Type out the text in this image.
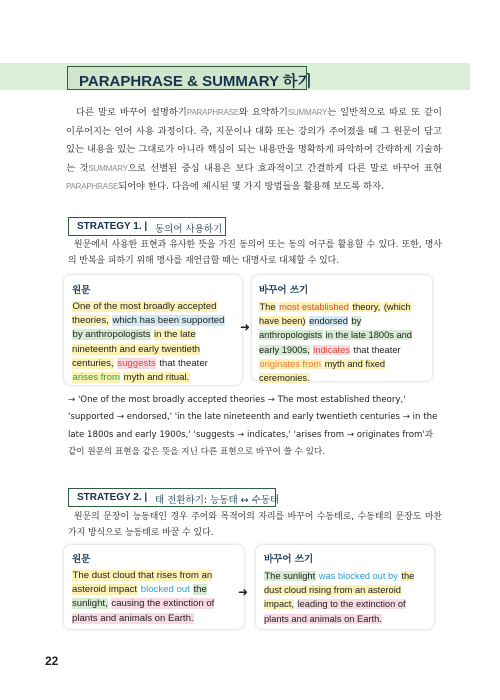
PARAPHRASE & SUMMARY 하기

다른 말로 바꾸어 설명하기PARAPHRASE와 요약하기SUMMARY는 일반적으로 따로 또 같이 이루어지는 언어 사용 과정이다. 즉, 지문이나 대화 또는 강의가 주어졌을 때 그 원문이 담고 있는 내용을 있는 그대로가 아니라 핵심이 되는 내용만을 명확하게 파악하여 간략하게 기술하는 것SUMMARY으로 선별된 중심 내용은 보다 효과적이고 간결하게 다른 말로 바꾸어 표현PARAPHRASE되어야 한다. 다음에 제시된 몇 가지 방법들을 활용해 보도록 하자.

STRATEGY 1. | 동의어 사용하기

원문에서 사용한 표현과 유사한 뜻을 가진 동의어 또는 동의 어구를 활용할 수 있다. 또한, 명사의 반복을 피하기 위해 명사를 재언급할 때는 대명사로 대체할 수 있다.

원문
One of the most broadly accepted theories, which has been supported by anthropologists in the late nineteenth and early twentieth centuries, suggests that theater arises from myth and ritual.
➜
바꾸어 쓰기
The most established theory, (which have been) endorsed by anthropologists in the late 1800s and early 1900s, indicates that theater originates from myth and fixed ceremonies.
→ 'One of the most broadly accepted theories → The most established theory,' 'supported → endorsed,' 'in the late nineteenth and early twentieth centuries → in the late 1800s and early 1900s,' 'suggests → indicates,' 'arises from → originates from'과 같이 원문의 표현을 같은 뜻을 지닌 다른 표현으로 바꾸어 쓸 수 있다.
STRATEGY 2. | 태 전환하기: 능동태 ↔ 수동태

원문의 문장이 능동태인 경우 주어와 목적어의 자리를 바꾸어 수동태로, 수동태의 문장도 마찬가지 방식으로 능동태로 바꿀 수 있다.

원문
The dust cloud that rises from an asteroid impact blocked out the sunlight, causing the extinction of plants and animals on Earth.
➜
바꾸어 쓰기
The sunlight was blocked out by the dust cloud rising from an asteroid impact, leading to the extinction of plants and animals on Earth.
22
